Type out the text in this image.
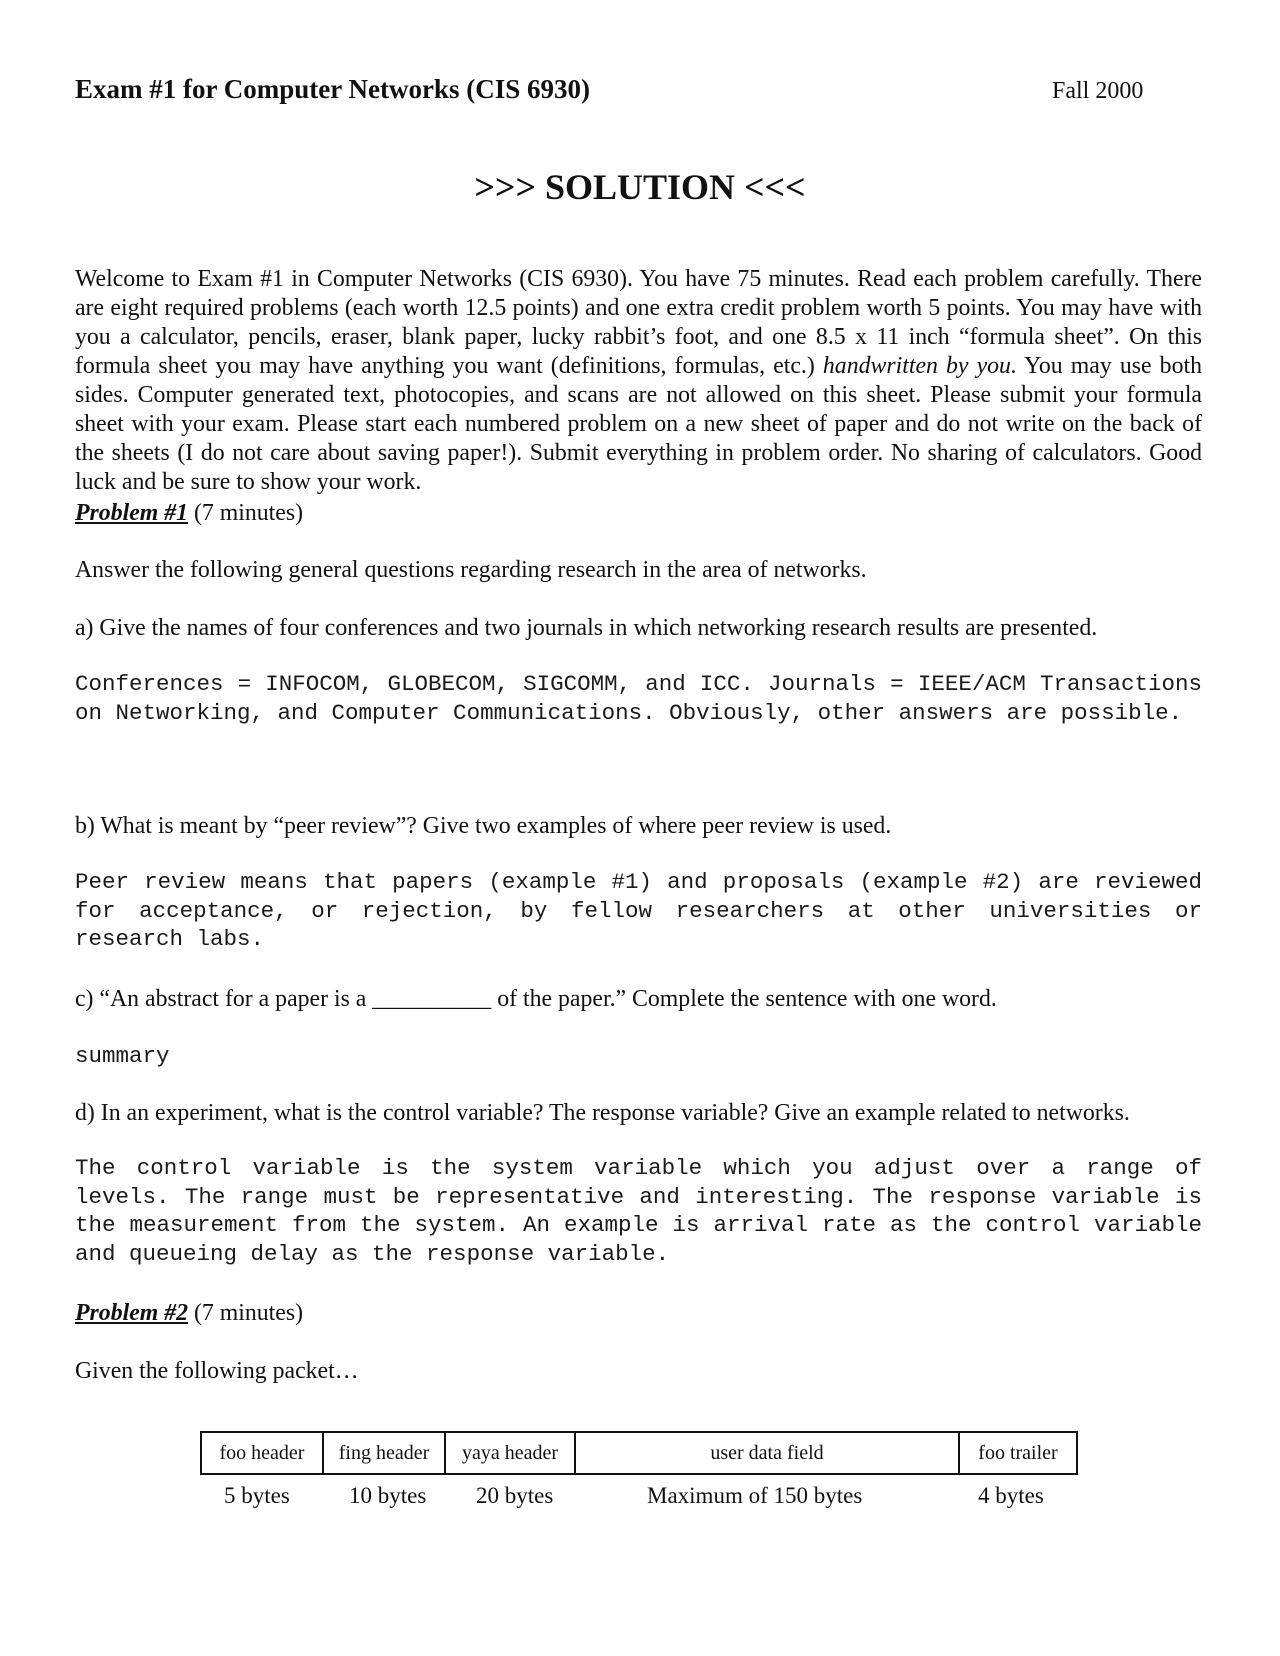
Exam #1 for Computer Networks (CIS 6930)	Fall 2000
>>> SOLUTION <<<
Welcome to Exam #1 in Computer Networks (CIS 6930). You have 75 minutes. Read each problem carefully. There are eight required problems (each worth 12.5 points) and one extra credit problem worth 5 points. You may have with you a calculator, pencils, eraser, blank paper, lucky rabbit’s foot, and one 8.5 x 11 inch “formula sheet”. On this formula sheet you may have anything you want (definitions, formulas, etc.) handwritten by you. You may use both sides. Computer generated text, photocopies, and scans are not allowed on this sheet. Please submit your formula sheet with your exam. Please start each numbered problem on a new sheet of paper and do not write on the back of the sheets (I do not care about saving paper!). Submit everything in problem order. No sharing of calculators. Good luck and be sure to show your work.
Problem #1 (7 minutes)
Answer the following general questions regarding research in the area of networks.
a) Give the names of four conferences and two journals in which networking research results are presented.
Conferences = INFOCOM, GLOBECOM, SIGCOMM, and ICC. Journals = IEEE/ACM Transactions on Networking, and Computer Communications. Obviously, other answers are possible.
b) What is meant by “peer review”? Give two examples of where peer review is used.
Peer review means that papers (example #1) and proposals (example #2) are reviewed for acceptance, or rejection, by fellow researchers at other universities or research labs.
c) “An abstract for a paper is a __________ of the paper.” Complete the sentence with one word.
summary
d) In an experiment, what is the control variable? The response variable? Give an example related to networks.
The control variable is the system variable which you adjust over a range of levels. The range must be representative and interesting. The response variable is the measurement from the system. An example is arrival rate as the control variable and queueing delay as the response variable.
Problem #2 (7 minutes)
Given the following packet…
foo header	fing header	yaya header	user data field	foo trailer
5 bytes	10 bytes 20 bytes	Maximum of 150 bytes	4 bytes
